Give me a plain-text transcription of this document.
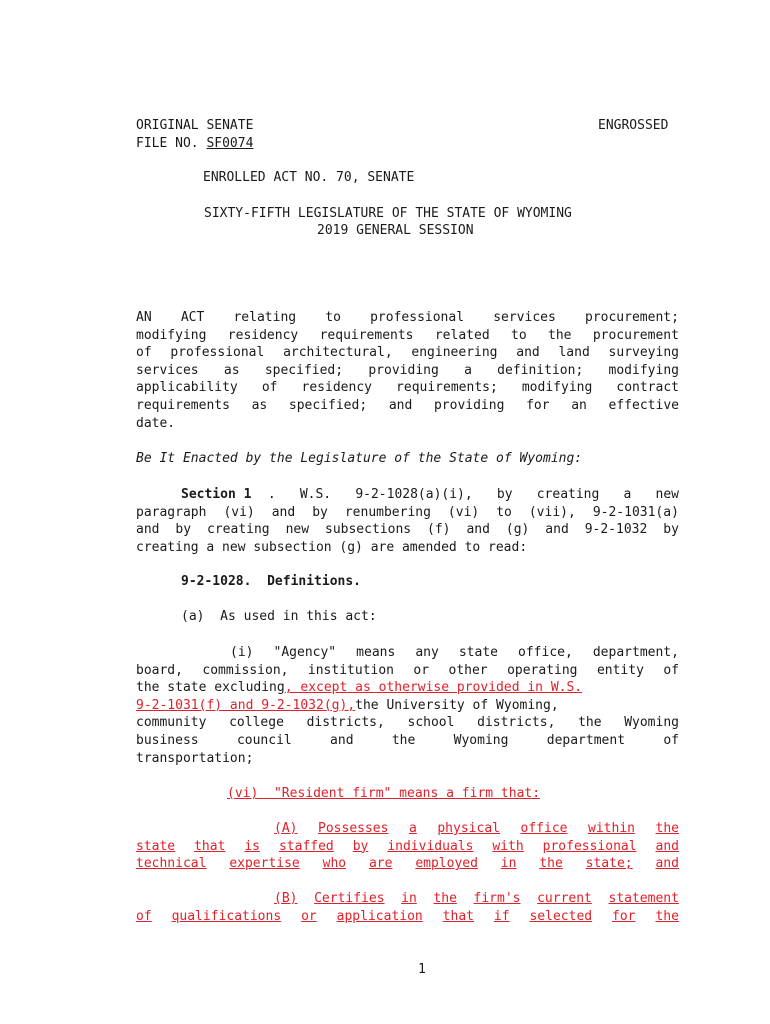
ORIGINAL SENATE	ENGROSSED
FILE NO. SF0074
ENROLLED ACT NO. 70, SENATE
SIXTY-FIFTH LEGISLATURE OF THE STATE OF WYOMING
2019 GENERAL SESSION
AN ACT relating to professional services procurement;
modifying residency requirements related to the procurement
of professional architectural, engineering and land surveying
services as specified; providing a definition; modifying
applicability of residency requirements; modifying contract
requirements as specified; and providing for an effective
date.
Be It Enacted by the Legislature of the State of Wyoming:
Section 1 . W.S. 9-2-1028(a)(i), by creating a new
paragraph (vi) and by renumbering (vi) to (vii), 9-2-1031(a)
and by creating new subsections (f) and (g) and 9-2-1032 by
creating a new subsection (g) are amended to read:
9-2-1028.  Definitions.
(a)  As used in this act:
(i) "Agency" means any state office, department,
board, commission, institution or other operating entity of
the state excluding , except as otherwise provided in W.S.
9-2-1031(f) and 9-2-1032(g), the University of Wyoming,
community college districts, school districts, the Wyoming
business	council	and	the	Wyoming	department	of
transportation;
(vi)  "Resident firm" means a firm that:
(A) Possesses a physical office within the
state that is staffed by individuals with professional and
technical expertise who are employed in the state; and
(B) Certifies in the firm's current statement
of qualifications or application that if selected for the
1
